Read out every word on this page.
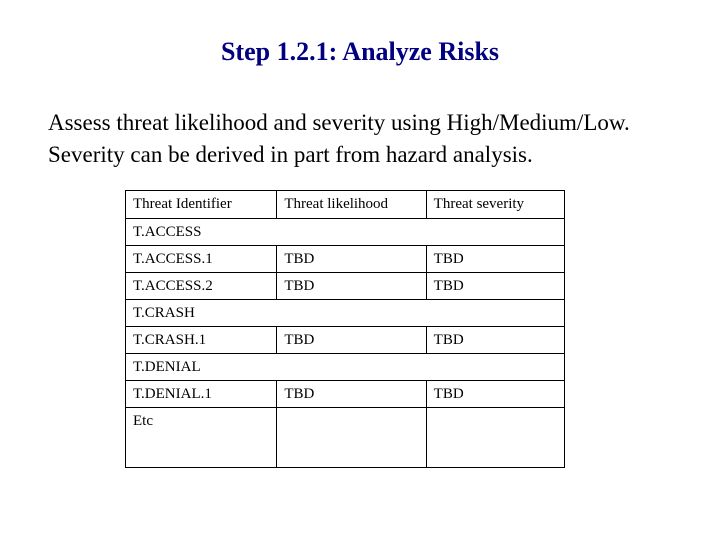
Step 1.2.1: Analyze Risks

Assess threat likelihood and severity using High/Medium/Low.

Severity can be derived in part from hazard analysis.

Threat Identifier	Threat likelihood	Threat severity
T.ACCESS		
T.ACCESS.1	TBD	TBD
T.ACCESS.2	TBD	TBD
T.CRASH		
T.CRASH.1	TBD	TBD
T.DENIAL		
T.DENIAL.1	TBD	TBD
Etc		
